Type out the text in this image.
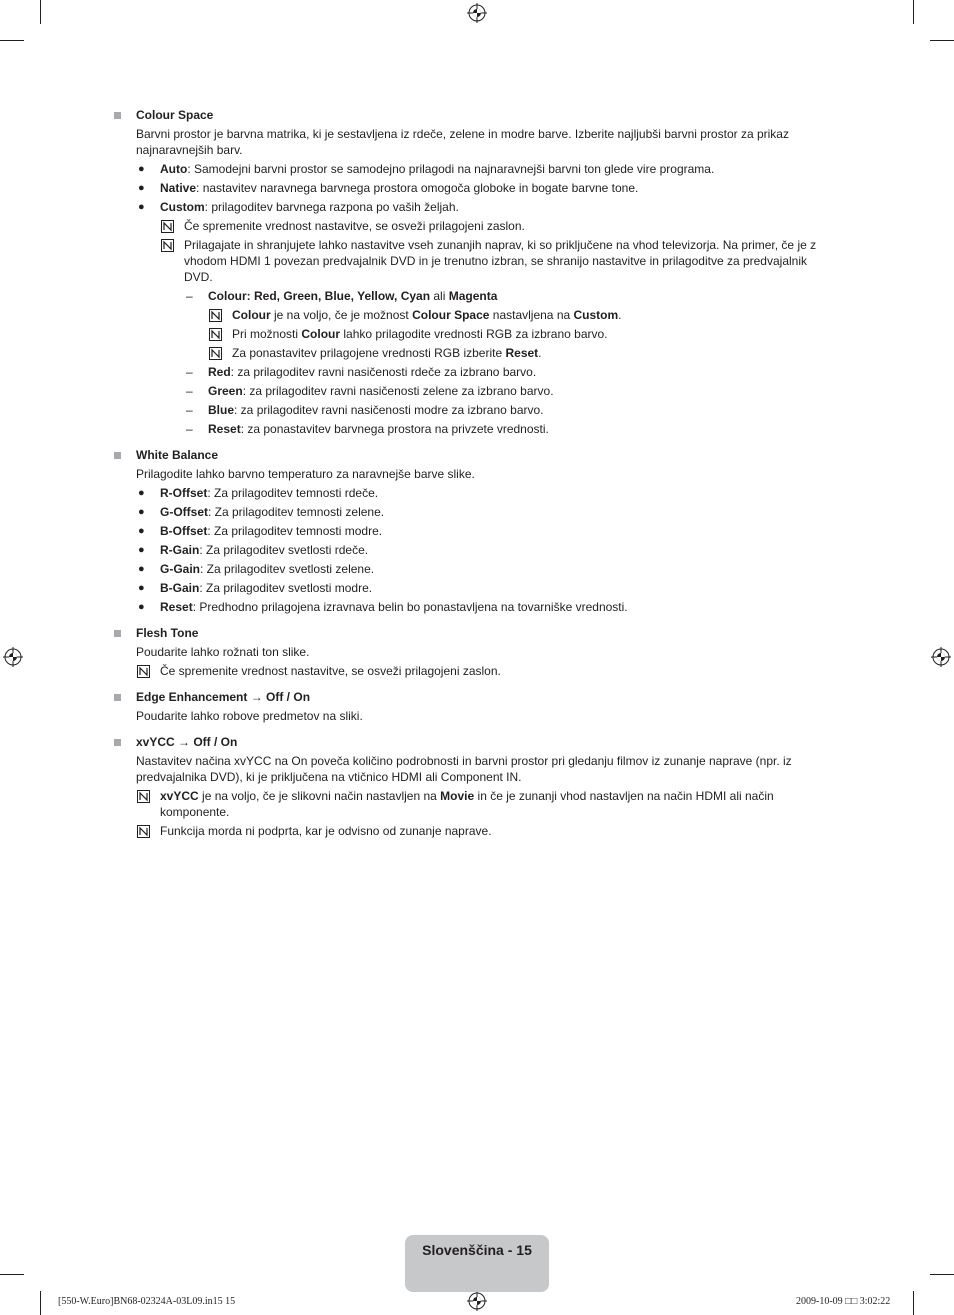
Colour Space
Barvni prostor je barvna matrika, ki je sestavljena iz rdeče, zelene in modre barve. Izberite najljubši barvni prostor za prikaz najnaravnejših barv.
● Auto: Samodejni barvni prostor se samodejno prilagodi na najnaravnejši barvni ton glede vire programa.
● Native: nastavitev naravnega barvnega prostora omogoča globoke in bogate barvne tone.
● Custom: prilagoditev barvnega razpona po vaših željah.
Če spremenite vrednost nastavitve, se osveži prilagojeni zaslon.
Prilagajate in shranjujete lahko nastavitve vseh zunanjih naprav, ki so priključene na vhod televizorja. Na primer, če je z vhodom HDMI 1 povezan predvajalnik DVD in je trenutno izbran, se shranijo nastavitve in prilagoditve za predvajalnik DVD.
– Colour: Red, Green, Blue, Yellow, Cyan ali Magenta
Colour je na voljo, če je možnost Colour Space nastavljena na Custom.
Pri možnosti Colour lahko prilagodite vrednosti RGB za izbrano barvo.
Za ponastavitev prilagojene vrednosti RGB izberite Reset.
– Red: za prilagoditev ravni nasičenosti rdeče za izbrano barvo.
– Green: za prilagoditev ravni nasičenosti zelene za izbrano barvo.
– Blue: za prilagoditev ravni nasičenosti modre za izbrano barvo.
– Reset: za ponastavitev barvnega prostora na privzete vrednosti.
White Balance
Prilagodite lahko barvno temperaturo za naravnejše barve slike.
● R-Offset: Za prilagoditev temnosti rdeče.
● G-Offset: Za prilagoditev temnosti zelene.
● B-Offset: Za prilagoditev temnosti modre.
● R-Gain: Za prilagoditev svetlosti rdeče.
● G-Gain: Za prilagoditev svetlosti zelene.
● B-Gain: Za prilagoditev svetlosti modre.
● Reset: Predhodno prilagojena izravnava belin bo ponastavljena na tovarniške vrednosti.
Flesh Tone
Poudarite lahko rožnati ton slike.
Če spremenite vrednost nastavitve, se osveži prilagojeni zaslon.
Edge Enhancement → Off / On
Poudarite lahko robove predmetov na sliki.
xvYCC → Off / On
Nastavitev načina xvYCC na On poveča količino podrobnosti in barvni prostor pri gledanju filmov iz zunanje naprave (npr. iz predvajalnika DVD), ki je priključena na vtičnico HDMI ali Component IN.
xvYCC je na voljo, če je slikovni način nastavljen na Movie in če je zunanji vhod nastavljen na način HDMI ali način komponente.
Funkcija morda ni podprta, kar je odvisno od zunanje naprave.
Slovenščina - 15
[550-W.Euro]BN68-02324A-03L09.in15 15	2009-10-09 □□ 3:02:22
